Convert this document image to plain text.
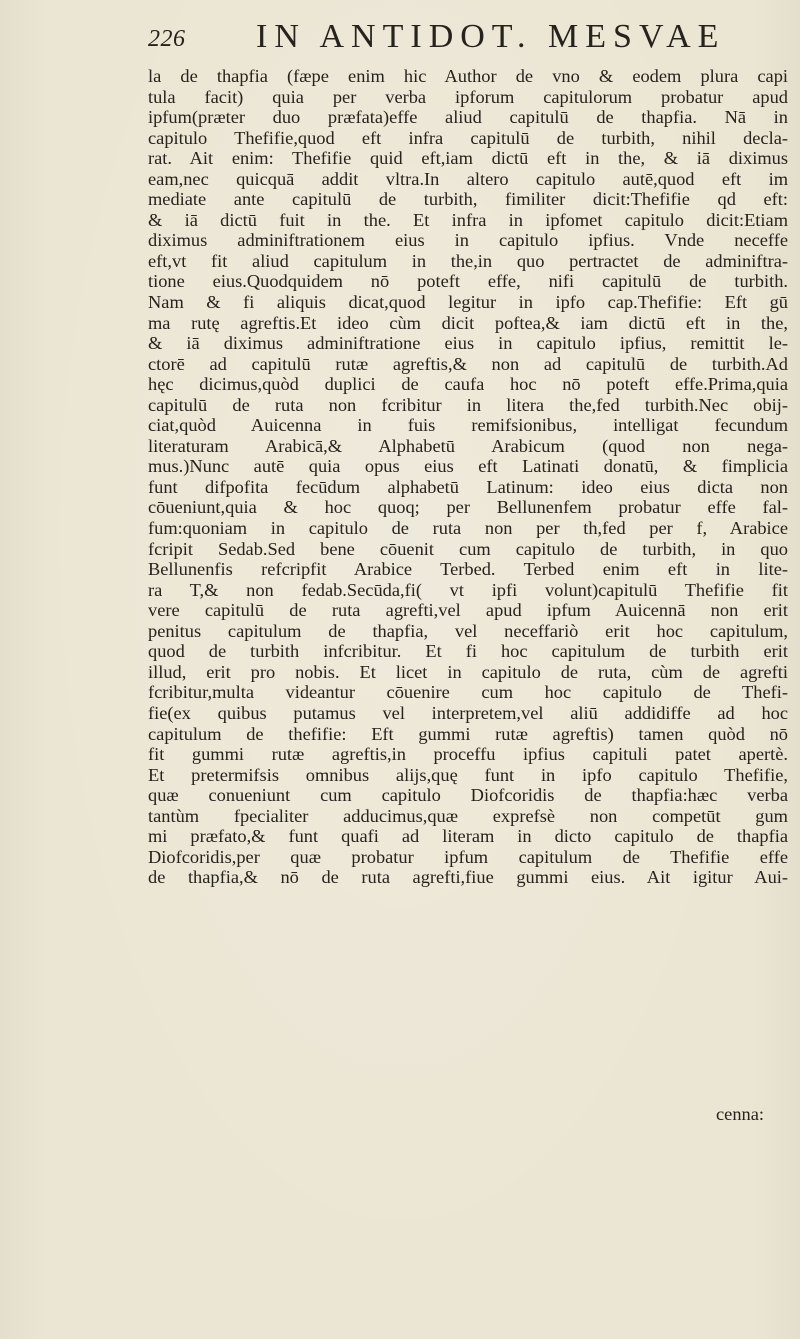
226 IN ANTIDOT. MESVAE
la de thapfia (fæpe enim hic Author de vno & eodem plura capi
tula facit) quia per verba ipforum capitulorum probatur apud
ipfum(præter duo præfata)effe aliud capitulū de thapfia. Nā in
capitulo Thefifie,quod eft infra capitulū de turbith, nihil decla-
rat. Ait enim: Thefifie quid eft,iam dictū eft in the, & iā diximus
eam,nec quicquā addit vltra.In altero capitulo autē,quod eft im
mediate ante capitulū de turbith, fimiliter dicit:Thefifie qd eft:
& iā dictū fuit in the. Et infra in ipfomet capitulo dicit:Etiam
diximus adminiftrationem eius in capitulo ipfius. Vnde neceffe
eft,vt fit aliud capitulum in the,in quo pertractet de adminiftra-
tione eius.Quodquidem nō poteft effe, nifi capitulū de turbith.
Nam & fi aliquis dicat,quod legitur in ipfo cap.Thefifie: Eft gū
ma rutę agreftis.Et ideo cùm dicit poftea,& iam dictū eft in the,
& iā diximus adminiftratione eius in capitulo ipfius, remittit le-
ctorē ad capitulū rutæ agreftis,& non ad capitulū de turbith.Ad
hęc dicimus,quòd duplici de caufa hoc nō poteft effe.Prima,quia
capitulū de ruta non fcribitur in litera the,fed turbith.Nec obij-
ciat,quòd Auicenna in fuis remifsionibus, intelligat fecundum
literaturam Arabicā,& Alphabetū Arabicum (quod non nega-
mus.)Nunc autē quia opus eius eft Latinati donatū, & fimplicia
funt difpofita fecūdum alphabetū Latinum: ideo eius dicta non
cōueniunt,quia & hoc quoq; per Bellunenfem probatur effe fal-
fum:quoniam in capitulo de ruta non per th,fed per f, Arabice
fcripit Sedab.Sed bene cōuenit cum capitulo de turbith, in quo
Bellunenfis refcripfit Arabice Terbed. Terbed enim eft in lite-
ra T,& non fedab.Secūda,fi( vt ipfi volunt)capitulū Thefifie fit
vere capitulū de ruta agrefti,vel apud ipfum Auicennā non erit
penitus capitulum de thapfia, vel neceffariò erit hoc capitulum,
quod de turbith infcribitur. Et fi hoc capitulum de turbith erit
illud, erit pro nobis. Et licet in capitulo de ruta, cùm de agrefti
fcribitur,multa videantur cōuenire cum hoc capitulo de Thefi-
fie(ex quibus putamus vel interpretem,vel aliū addidiffe ad hoc
capitulum de thefifie: Eft gummi rutæ agreftis) tamen quòd nō
fit gummi rutæ agreftis,in proceffu ipfius capituli patet apertè.
Et pretermifsis omnibus alijs,quę funt in ipfo capitulo Thefifie,
quæ conueniunt cum capitulo Diofcoridis de thapfia:hæc verba
tantùm fpecialiter adducimus,quæ exprefsè non competūt gum
mi præfato,& funt quafi ad literam in dicto capitulo de thapfia
Diofcoridis,per quæ probatur ipfum capitulum de Thefifie effe
de thapfia,& nō de ruta agrefti,fiue gummi eius. Ait igitur Aui-
cenna:
